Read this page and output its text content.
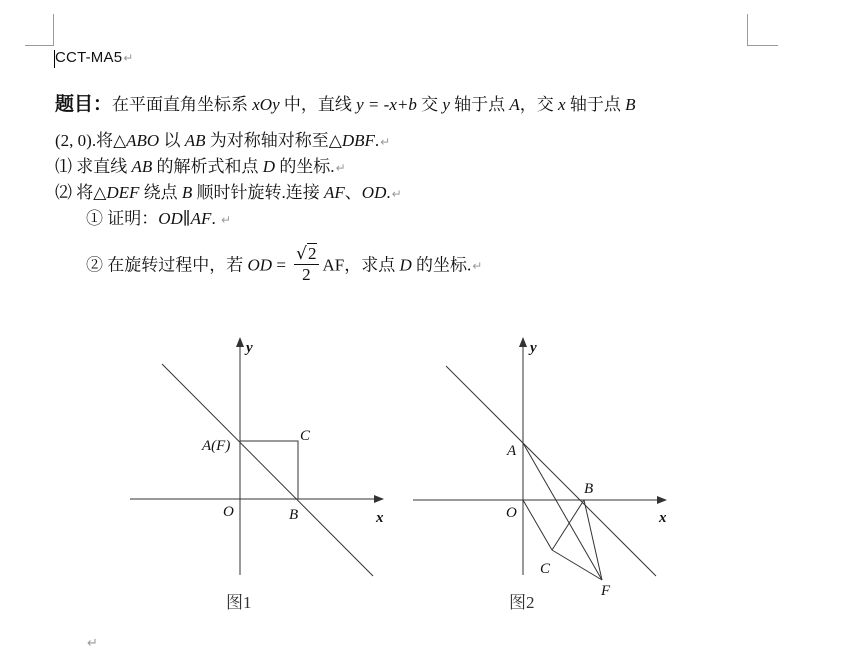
CCT-MA5↵
题目：在平面直角坐标系 xOy 中，直线 y = -x+b 交 y 轴于点 A，交 x 轴于点 B
(2, 0).将△ABO 以 AB 为对称轴对称至△DBF.↵
⑴ 求直线 AB 的解析式和点 D 的坐标.↵
⑵ 将△DEF 绕点 B 顺时针旋转.连接 AF、OD.↵
① 证明：OD∥AF. ↵
② 在旋转过程中，若 OD = $\frac{√2}{2}$ AF，求点 D 的坐标.↵
y
x
O	B
C
A(F)
图1
y
x
O
A
B
C
F
图2
↵
